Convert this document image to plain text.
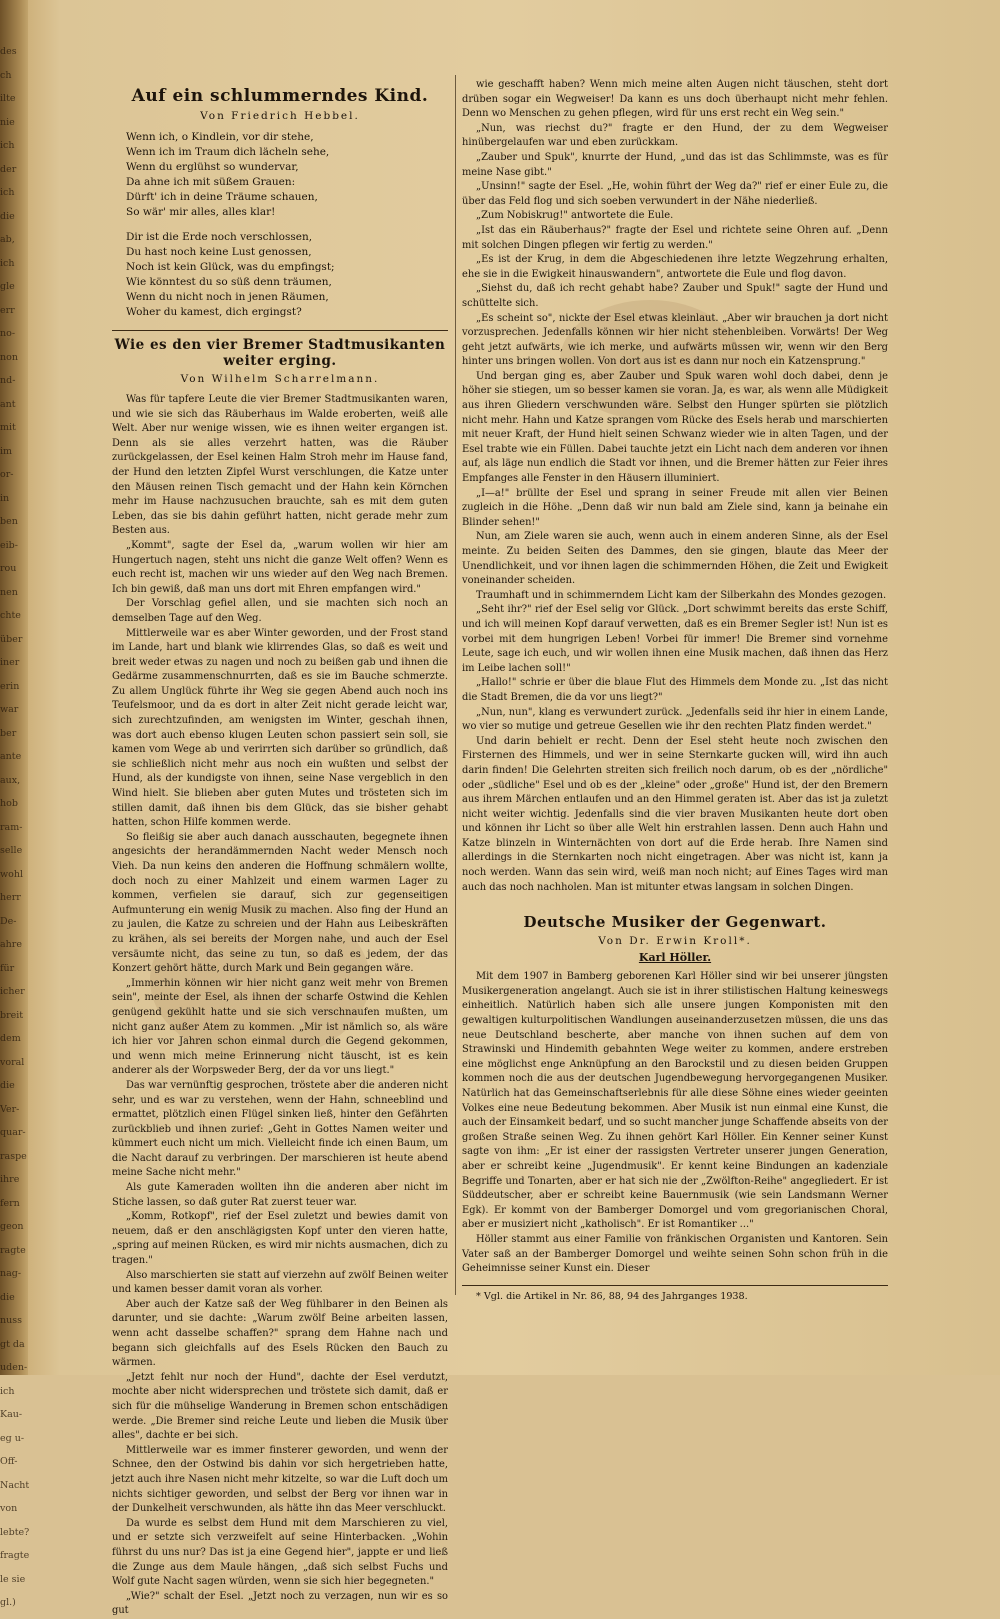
des
ch
ilte
nie
ich
der
ich
die
ab,
ich
gle
err
no-
non
nd-
ant
mit
im
or-
in
ben
eib-
rou
nen
chte
über
iner
erin
war
ber
ante
aux,
hob
ram-
selle
wohl
herr
De-
ahre
für
icher
breit
dem
voral
die
Ver-
quar-
raspe
ihre
fern
geon
ragte
nag-
die
nuss
gt da
uden-
ich
Kau-
eg u-
Off-
Nacht
von
lebte?
fragte
le sie
gl.)
Auf ein schlummerndes Kind.
Von Friedrich Hebbel.
Wenn ich, o Kindlein, vor dir stehe,
Wenn ich im Traum dich lächeln sehe,
Wenn du erglühst so wundervar,
Da ahne ich mit süßem Grauen:
Dürft' ich in deine Träume schauen,
So wär' mir alles, alles klar!
Dir ist die Erde noch verschlossen,
Du hast noch keine Lust genossen,
Noch ist kein Glück, was du empfingst;
Wie könntest du so süß denn träumen,
Wenn du nicht noch in jenen Räumen,
Woher du kamest, dich ergingst?
Wie es den vier Bremer Stadtmusikanten weiter erging.
Von Wilhelm Scharrelmann.

Was für tapfere Leute die vier Bremer Stadtmusikanten waren, und wie sie sich das Räuberhaus im Walde eroberten, weiß alle Welt. Aber nur wenige wissen, wie es ihnen weiter ergangen ist. Denn als sie alles verzehrt hatten, was die Räuber zurückgelassen, der Esel keinen Halm Stroh mehr im Hause fand, der Hund den letzten Zipfel Wurst verschlungen, die Katze unter den Mäusen reinen Tisch gemacht und der Hahn kein Körnchen mehr im Hause nachzusuchen brauchte, sah es mit dem guten Leben, das sie bis dahin geführt hatten, nicht gerade mehr zum Besten aus.

„Kommt", sagte der Esel da, „warum wollen wir hier am Hungertuch nagen, steht uns nicht die ganze Welt offen? Wenn es euch recht ist, machen wir uns wieder auf den Weg nach Bremen. Ich bin gewiß, daß man uns dort mit Ehren empfangen wird."

Der Vorschlag gefiel allen, und sie machten sich noch an demselben Tage auf den Weg.

Mittlerweile war es aber Winter geworden, und der Frost stand im Lande, hart und blank wie klirrendes Glas, so daß es weit und breit weder etwas zu nagen und noch zu beißen gab und ihnen die Gedärme zusammenschnurrten, daß es sie im Bauche schmerzte. Zu allem Unglück führte ihr Weg sie gegen Abend auch noch ins Teufelsmoor, und da es dort in alter Zeit nicht gerade leicht war, sich zurechtzufinden, am wenigsten im Winter, geschah ihnen, was dort auch ebenso klugen Leuten schon passiert sein soll, sie kamen vom Wege ab und verirrten sich darüber so gründlich, daß sie schließlich nicht mehr aus noch ein wußten und selbst der Hund, als der kundigste von ihnen, seine Nase vergeblich in den Wind hielt. Sie blieben aber guten Mutes und trösteten sich im stillen damit, daß ihnen bis dem Glück, das sie bisher gehabt hatten, schon Hilfe kommen werde.

So fleißig sie aber auch danach ausschauten, begegnete ihnen angesichts der herandämmernden Nacht weder Mensch noch Vieh. Da nun keins den anderen die Hoffnung schmälern wollte, doch noch zu einer Mahlzeit und einem warmen Lager zu kommen, verfielen sie darauf, sich zur gegenseitigen Aufmunterung ein wenig Musik zu machen. Also fing der Hund an zu jaulen, die Katze zu schreien und der Hahn aus Leibeskräften zu krähen, als sei bereits der Morgen nahe, und auch der Esel versäumte nicht, das seine zu tun, so daß es jedem, der das Konzert gehört hätte, durch Mark und Bein gegangen wäre.

„Immerhin können wir hier nicht ganz weit mehr von Bremen sein", meinte der Esel, als ihnen der scharfe Ostwind die Kehlen genügend gekühlt hatte und sie sich verschnaufen mußten, um nicht ganz außer Atem zu kommen. „Mir ist nämlich so, als wäre ich hier vor Jahren schon einmal durch die Gegend gekommen, und wenn mich meine Erinnerung nicht täuscht, ist es kein anderer als der Worpsweder Berg, der da vor uns liegt."

Das war vernünftig gesprochen, tröstete aber die anderen nicht sehr, und es war zu verstehen, wenn der Hahn, schneeblind und ermattet, plötzlich einen Flügel sinken ließ, hinter den Gefährten zurückblieb und ihnen zurief: „Geht in Gottes Namen weiter und kümmert euch nicht um mich. Vielleicht finde ich einen Baum, um die Nacht darauf zu verbringen. Der marschieren ist heute abend meine Sache nicht mehr."

Als gute Kameraden wollten ihn die anderen aber nicht im Stiche lassen, so daß guter Rat zuerst teuer war.

„Komm, Rotkopf", rief der Esel zuletzt und bewies damit von neuem, daß er den anschlägigsten Kopf unter den vieren hatte, „spring auf meinen Rücken, es wird mir nichts ausmachen, dich zu tragen."

Also marschierten sie statt auf vierzehn auf zwölf Beinen weiter und kamen besser damit voran als vorher.

Aber auch der Katze saß der Weg fühlbarer in den Beinen als darunter, und sie dachte: „Warum zwölf Beine arbeiten lassen, wenn acht dasselbe schaffen?" sprang dem Hahne nach und begann sich gleichfalls auf des Esels Rücken den Bauch zu wärmen.

„Jetzt fehlt nur noch der Hund", dachte der Esel verdutzt, mochte aber nicht widersprechen und tröstete sich damit, daß er sich für die mühselige Wanderung in Bremen schon entschädigen werde. „Die Bremer sind reiche Leute und lieben die Musik über alles", dachte er bei sich.

Mittlerweile war es immer finsterer geworden, und wenn der Schnee, den der Ostwind bis dahin vor sich hergetrieben hatte, jetzt auch ihre Nasen nicht mehr kitzelte, so war die Luft doch um nichts sichtiger geworden, und selbst der Berg vor ihnen war in der Dunkelheit verschwunden, als hätte ihn das Meer verschluckt.

Da wurde es selbst dem Hund mit dem Marschieren zu viel, und er setzte sich verzweifelt auf seine Hinterbacken. „Wohin führst du uns nur? Das ist ja eine Gegend hier", jappte er und ließ die Zunge aus dem Maule hängen, „daß sich selbst Fuchs und Wolf gute Nacht sagen würden, wenn sie sich hier begegneten."

„Wie?" schalt der Esel. „Jetzt noch zu verzagen, nun wir es so gut

wie geschafft haben? Wenn mich meine alten Augen nicht täuschen, steht dort drüben sogar ein Wegweiser! Da kann es uns doch überhaupt nicht mehr fehlen. Denn wo Menschen zu gehen pflegen, wird für uns erst recht ein Weg sein."

„Nun, was riechst du?" fragte er den Hund, der zu dem Wegweiser hinübergelaufen war und eben zurückkam.

„Zauber und Spuk", knurrte der Hund, „und das ist das Schlimmste, was es für meine Nase gibt."

„Unsinn!" sagte der Esel. „He, wohin führt der Weg da?" rief er einer Eule zu, die über das Feld flog und sich soeben verwundert in der Nähe niederließ.

„Zum Nobiskrug!" antwortete die Eule.

„Ist das ein Räuberhaus?" fragte der Esel und richtete seine Ohren auf. „Denn mit solchen Dingen pflegen wir fertig zu werden."

„Es ist der Krug, in dem die Abgeschiedenen ihre letzte Wegzehrung erhalten, ehe sie in die Ewigkeit hinauswandern", antwortete die Eule und flog davon.

„Siehst du, daß ich recht gehabt habe? Zauber und Spuk!" sagte der Hund und schüttelte sich.

„Es scheint so", nickte der Esel etwas kleinlaut. „Aber wir brauchen ja dort nicht vorzusprechen. Jedenfalls können wir hier nicht stehenbleiben. Vorwärts! Der Weg geht jetzt aufwärts, wie ich merke, und aufwärts müssen wir, wenn wir den Berg hinter uns bringen wollen. Von dort aus ist es dann nur noch ein Katzensprung."

Und bergan ging es, aber Zauber und Spuk waren wohl doch dabei, denn je höher sie stiegen, um so besser kamen sie voran. Ja, es war, als wenn alle Müdigkeit aus ihren Gliedern verschwunden wäre. Selbst den Hunger spürten sie plötzlich nicht mehr. Hahn und Katze sprangen vom Rücke des Esels herab und marschierten mit neuer Kraft, der Hund hielt seinen Schwanz wieder wie in alten Tagen, und der Esel trabte wie ein Füllen. Dabei tauchte jetzt ein Licht nach dem anderen vor ihnen auf, als läge nun endlich die Stadt vor ihnen, und die Bremer hätten zur Feier ihres Empfanges alle Fenster in den Häusern illuminiert.

„I—a!" brüllte der Esel und sprang in seiner Freude mit allen vier Beinen zugleich in die Höhe. „Denn daß wir nun bald am Ziele sind, kann ja beinahe ein Blinder sehen!"

Nun, am Ziele waren sie auch, wenn auch in einem anderen Sinne, als der Esel meinte. Zu beiden Seiten des Dammes, den sie gingen, blaute das Meer der Unendlichkeit, und vor ihnen lagen die schimmernden Höhen, die Zeit und Ewigkeit voneinander scheiden.

Traumhaft und in schimmerndem Licht kam der Silberkahn des Mondes gezogen.

„Seht ihr?" rief der Esel selig vor Glück. „Dort schwimmt bereits das erste Schiff, und ich will meinen Kopf darauf verwetten, daß es ein Bremer Segler ist! Nun ist es vorbei mit dem hungrigen Leben! Vorbei für immer! Die Bremer sind vornehme Leute, sage ich euch, und wir wollen ihnen eine Musik machen, daß ihnen das Herz im Leibe lachen soll!"

„Hallo!" schrie er über die blaue Flut des Himmels dem Monde zu. „Ist das nicht die Stadt Bremen, die da vor uns liegt?"

„Nun, nun", klang es verwundert zurück. „Jedenfalls seid ihr hier in einem Lande, wo vier so mutige und getreue Gesellen wie ihr den rechten Platz finden werdet."

Und darin behielt er recht. Denn der Esel steht heute noch zwischen den Firsternen des Himmels, und wer in seine Sternkarte gucken will, wird ihn auch darin finden! Die Gelehrten streiten sich freilich noch darum, ob es der „nördliche" oder „südliche" Esel und ob es der „kleine" oder „große" Hund ist, der den Bremern aus ihrem Märchen entlaufen und an den Himmel geraten ist. Aber das ist ja zuletzt nicht weiter wichtig. Jedenfalls sind die vier braven Musikanten heute dort oben und können ihr Licht so über alle Welt hin erstrahlen lassen. Denn auch Hahn und Katze blinzeln in Winternächten von dort auf die Erde herab. Ihre Namen sind allerdings in die Sternkarten noch nicht eingetragen. Aber was nicht ist, kann ja noch werden. Wann das sein wird, weiß man noch nicht; auf Eines Tages wird man auch das noch nachholen. Man ist mitunter etwas langsam in solchen Dingen.

Deutsche Musiker der Gegenwart.
Von Dr. Erwin Kroll*.
Karl Höller.

Mit dem 1907 in Bamberg geborenen Karl Höller sind wir bei unserer jüngsten Musikergeneration angelangt. Auch sie ist in ihrer stilistischen Haltung keineswegs einheitlich. Natürlich haben sich alle unsere jungen Komponisten mit den gewaltigen kulturpolitischen Wandlungen auseinanderzusetzen müssen, die uns das neue Deutschland bescherte, aber manche von ihnen suchen auf dem von Strawinski und Hindemith gebahnten Wege weiter zu kommen, andere erstreben eine möglichst enge Anknüpfung an den Barockstil und zu diesen beiden Gruppen kommen noch die aus der deutschen Jugendbewegung hervorgegangenen Musiker. Natürlich hat das Gemeinschaftserlebnis für alle diese Söhne eines wieder geeinten Volkes eine neue Bedeutung bekommen. Aber Musik ist nun einmal eine Kunst, die auch der Einsamkeit bedarf, und so sucht mancher junge Schaffende abseits von der großen Straße seinen Weg. Zu ihnen gehört Karl Höller. Ein Kenner seiner Kunst sagte von ihm: „Er ist einer der rassigsten Vertreter unserer jungen Generation, aber er schreibt keine „Jugendmusik". Er kennt keine Bindungen an kadenziale Begriffe und Tonarten, aber er hat sich nie der „Zwölfton-Reihe" angegliedert. Er ist Süddeutscher, aber er schreibt keine Bauernmusik (wie sein Landsmann Werner Egk). Er kommt von der Bamberger Domorgel und vom gregorianischen Choral, aber er musiziert nicht „katholisch". Er ist Romantiker ..."

Höller stammt aus einer Familie von fränkischen Organisten und Kantoren. Sein Vater saß an der Bamberger Domorgel und weihte seinen Sohn schon früh in die Geheimnisse seiner Kunst ein. Dieser

* Vgl. die Artikel in Nr. 86, 88, 94 des Jahrganges 1938.
